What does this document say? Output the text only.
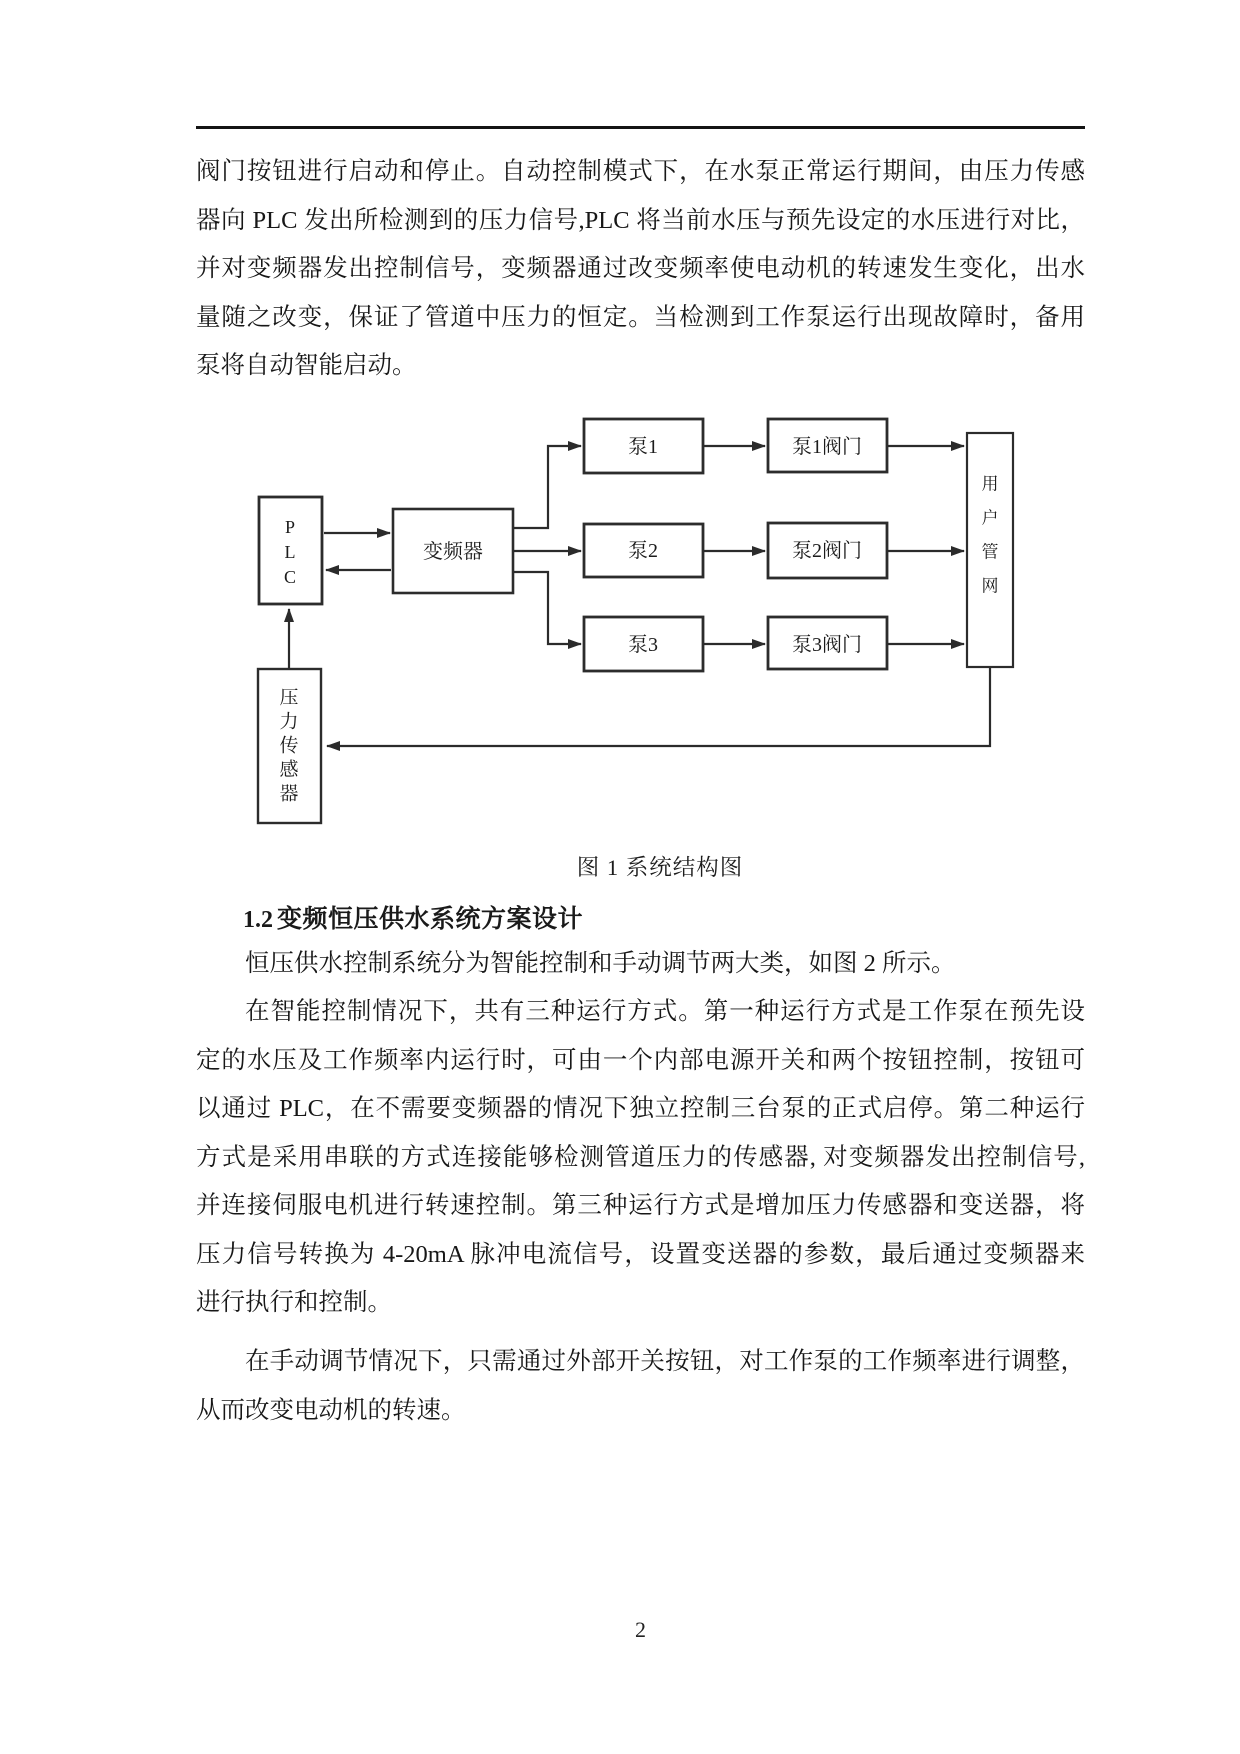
阀门按钮进行启动和停止。自动控制模式下，在水泵正常运行期间，由压力传感
器向 PLC 发出所检测到的压力信号,PLC 将当前水压与预先设定的水压进行对比，
并对变频器发出控制信号，变频器通过改变频率使电动机的转速发生变化，出水
量随之改变，保证了管道中压力的恒定。当检测到工作泵运行出现故障时，备用
泵将自动智能启动。
P
L
C
变频器
泵1
泵2
泵3
泵1阀门
泵2阀门
泵3阀门
用
户
管
网
压
力
传
感
器
图 1 系统结构图
1.2 变频恒压供水系统方案设计
恒压供水控制系统分为智能控制和手动调节两大类，如图 2 所示。
在智能控制情况下，共有三种运行方式。第一种运行方式是工作泵在预先设
定的水压及工作频率内运行时，可由一个内部电源开关和两个按钮控制，按钮可
以通过 PLC，在不需要变频器的情况下独立控制三台泵的正式启停。第二种运行
方式是采用串联的方式连接能够检测管道压力的传感器, 对变频器发出控制信号,
并连接伺服电机进行转速控制。第三种运行方式是增加压力传感器和变送器，将
压力信号转换为 4-20mA 脉冲电流信号，设置变送器的参数，最后通过变频器来
进行执行和控制。
在手动调节情况下，只需通过外部开关按钮，对工作泵的工作频率进行调整，
从而改变电动机的转速。
2
